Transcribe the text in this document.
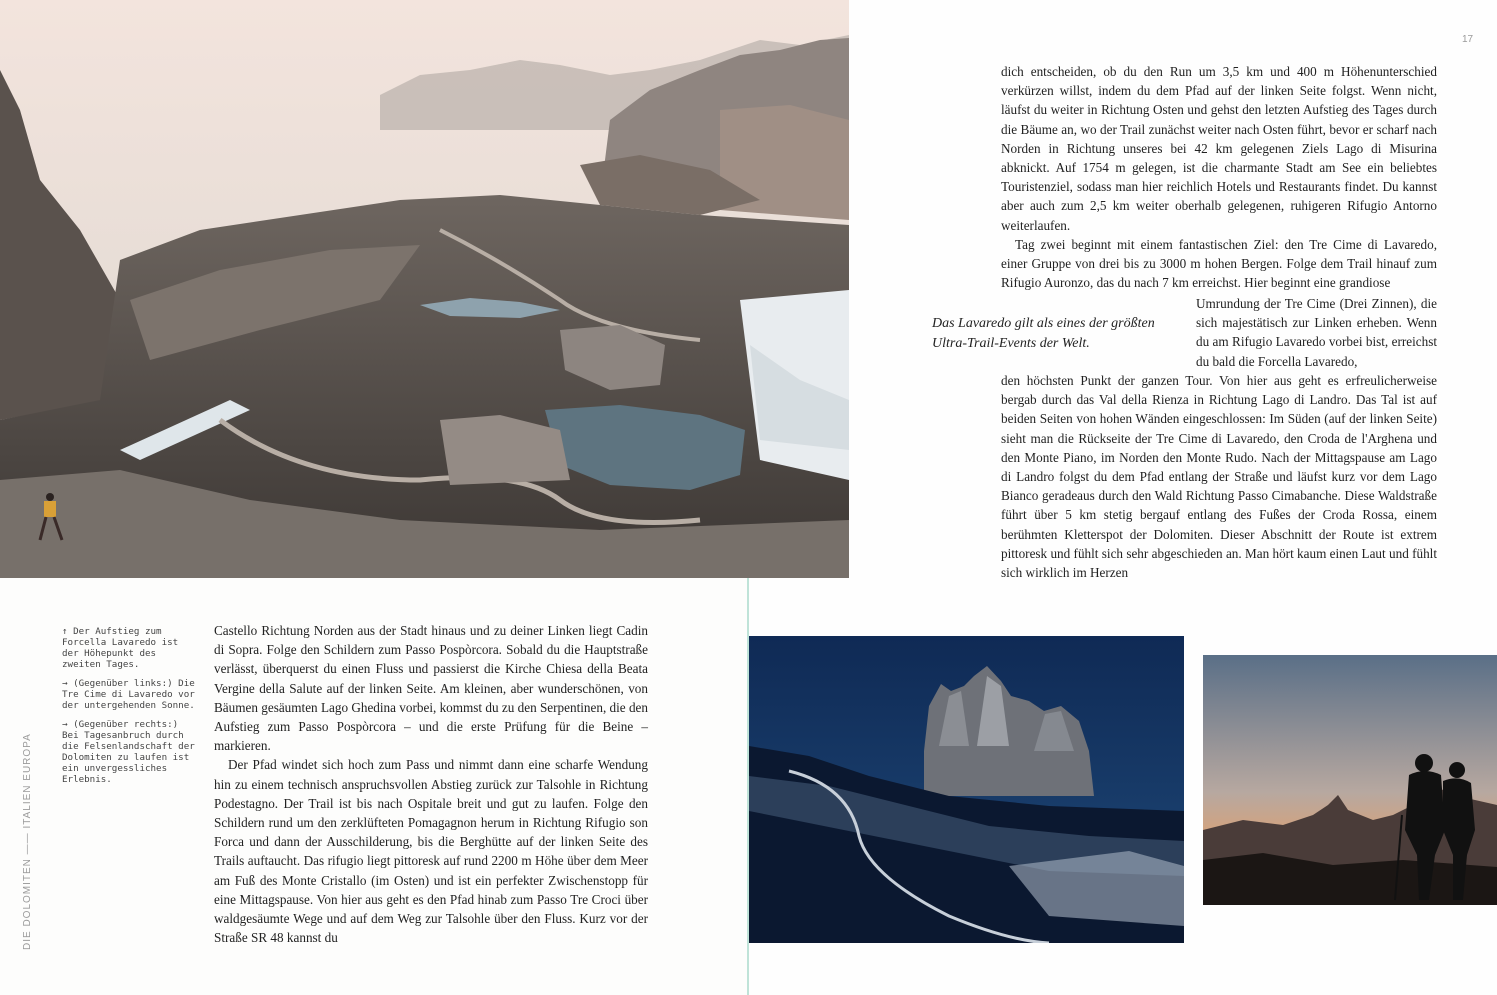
↑ Der Aufstieg zum Forcella Lavaredo ist der Höhepunkt des zweiten Tages.

→ (Gegenüber links:) Die Tre Cime di Lavaredo vor der untergehenden Sonne.

→ (Gegenüber rechts:) Bei Tagesanbruch durch die Felsenlandschaft der Dolomiten zu laufen ist ein unvergessliches Erlebnis.

DIE DOLOMITEN —— ITALIEN EUROPA
17

Castello Richtung Norden aus der Stadt hinaus und zu deiner Linken liegt Cadin di Sopra. Folge den Schildern zum Passo Pospòrcora. Sobald du die Hauptstraße verlässt, überquerst du einen Fluss und passierst die Kirche Chiesa della Beata Vergine della Salute auf der linken Seite. Am kleinen, aber wunderschönen, von Bäumen gesäumten Lago Ghedina vorbei, kommst du zu den Serpentinen, die den Aufstieg zum Passo Pospòrcora – und die erste Prüfung für die Beine – markieren.

Der Pfad windet sich hoch zum Pass und nimmt dann eine scharfe Wendung hin zu einem technisch anspruchsvollen Abstieg zurück zur Talsohle in Richtung Podestagno. Der Trail ist bis nach Ospitale breit und gut zu laufen. Folge den Schildern rund um den zerklüfteten Pomagagnon herum in Richtung Rifugio son Forca und dann der Ausschilderung, bis die Berghütte auf der linken Seite des Trails auftaucht. Das rifugio liegt pittoresk auf rund 2200 m Höhe über dem Meer am Fuß des Monte Cristallo (im Osten) und ist ein perfekter Zwischenstopp für eine Mittagspause. Von hier aus geht es den Pfad hinab zum Passo Tre Croci über waldgesäumte Wege und auf dem Weg zur Talsohle über den Fluss. Kurz vor der Straße SR 48 kannst du

dich entscheiden, ob du den Run um 3,5 km und 400 m Höhenunterschied verkürzen willst, indem du dem Pfad auf der linken Seite folgst. Wenn nicht, läufst du weiter in Richtung Osten und gehst den letzten Aufstieg des Tages durch die Bäume an, wo der Trail zunächst weiter nach Osten führt, bevor er scharf nach Norden in Richtung unseres bei 42 km gelegenen Ziels Lago di Misurina abknickt. Auf 1754 m gelegen, ist die charmante Stadt am See ein beliebtes Touristenziel, sodass man hier reichlich Hotels und Restaurants findet. Du kannst aber auch zum 2,5 km weiter oberhalb gelegenen, ruhigeren Rifugio Antorno weiterlaufen.

Tag zwei beginnt mit einem fantastischen Ziel: den Tre Cime di Lavaredo, einer Gruppe von drei bis zu 3000 m hohen Bergen. Folge dem Trail hinauf zum Rifugio Auronzo, das du nach 7 km erreichst. Hier beginnt eine grandiose

Umrundung der Tre Cime (Drei Zinnen), die sich majestätisch zur Linken erheben. Wenn du am Rifugio Lavaredo vorbei bist, erreichst du bald die Forcella Lavaredo,

den höchsten Punkt der ganzen Tour. Von hier aus geht es erfreulicherweise bergab durch das Val della Rienza in Richtung Lago di Landro. Das Tal ist auf beiden Seiten von hohen Wänden eingeschlossen: Im Süden (auf der linken Seite) sieht man die Rückseite der Tre Cime di Lavaredo, den Croda de l'Arghena und den Monte Piano, im Norden den Monte Rudo. Nach der Mittagspause am Lago di Landro folgst du dem Pfad entlang der Straße und läufst kurz vor dem Lago Bianco geradeaus durch den Wald Richtung Passo Cimabanche. Diese Waldstraße führt über 5 km stetig bergauf entlang des Fußes der Croda Rossa, einem berühmten Kletterspot der Dolomiten. Dieser Abschnitt der Route ist extrem pittoresk und fühlt sich sehr abgeschieden an. Man hört kaum einen Laut und fühlt sich wirklich im Herzen

Das Lavaredo gilt als eines der größten Ultra-Trail-Events der Welt.
